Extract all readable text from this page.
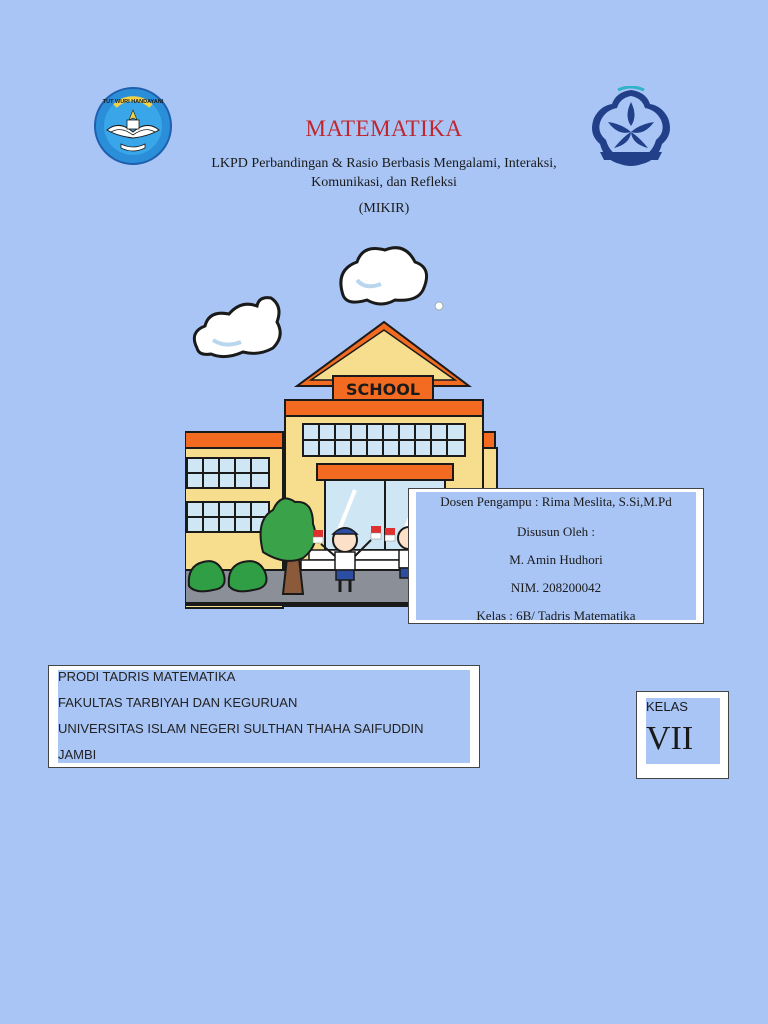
TUT WURI HANDAYANI
MATEMATIKA
LKPD Perbandingan & Rasio Berbasis Mengalami, Interaksi, Komunikasi, dan Refleksi
(MIKIR)
SCHOOL
Dosen Pengampu : Rima Meslita, S.Si,M.Pd
Disusun Oleh :
M. Amin Hudhori
NIM. 208200042
Kelas : 6B/ Tadris Matematika
PRODI TADRIS MATEMATIKA
FAKULTAS TARBIYAH DAN KEGURUAN
UNIVERSITAS ISLAM NEGERI SULTHAN THAHA SAIFUDDIN
JAMBI
KELAS
VII
